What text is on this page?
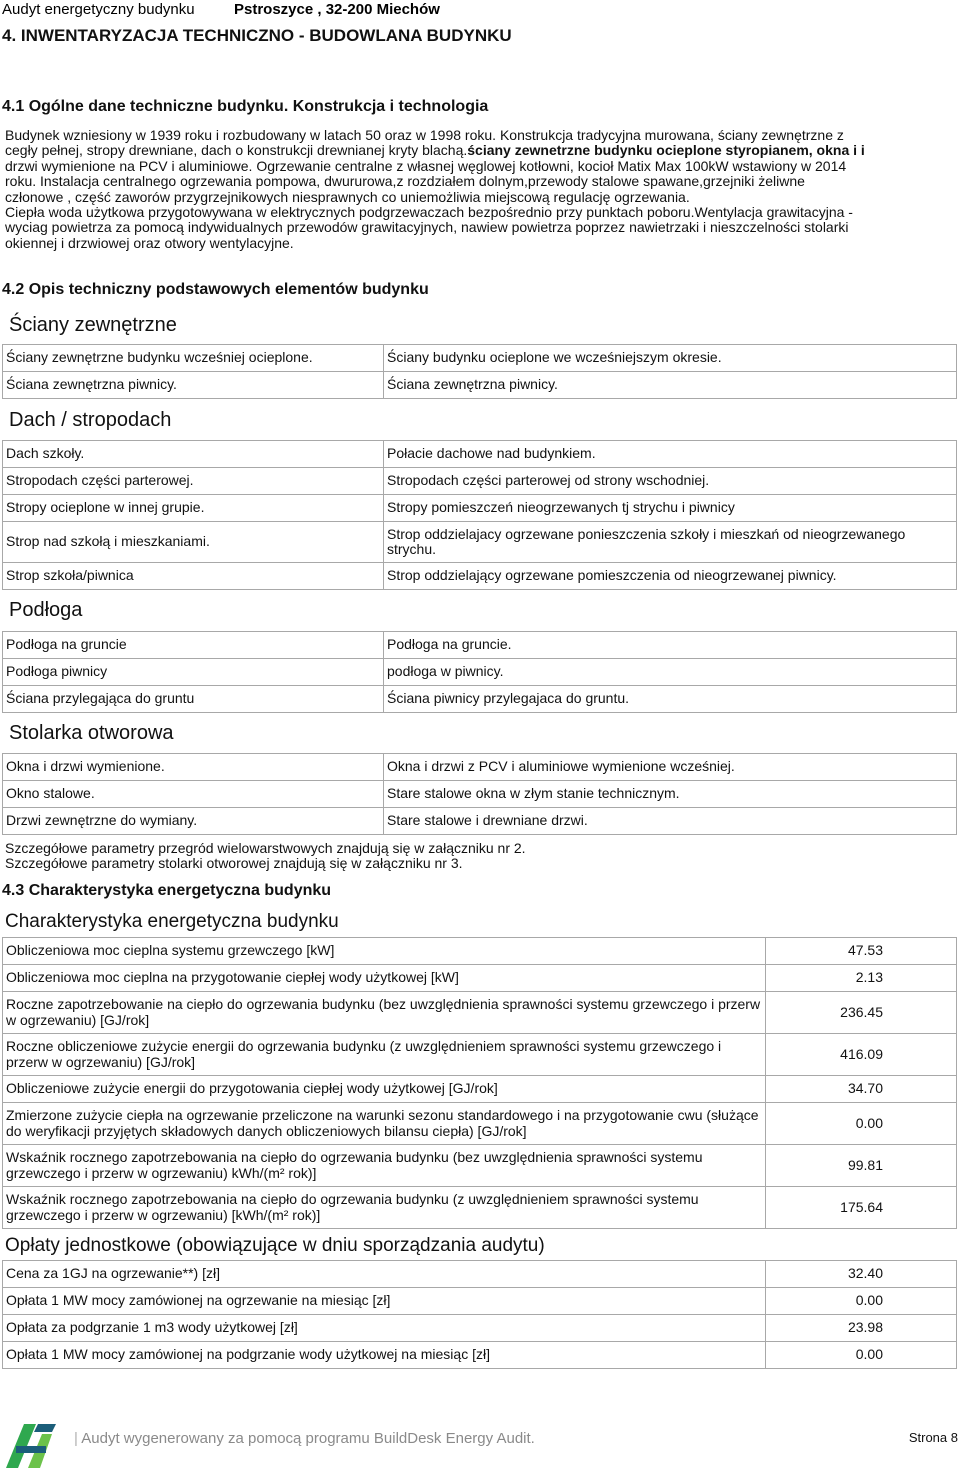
Audyt energetyczny budynku	Pstroszyce , 32-200 Miechów
4. INWENTARYZACJA TECHNICZNO - BUDOWLANA BUDYNKU
4.1 Ogólne dane techniczne budynku. Konstrukcja i technologia
Budynek wzniesiony w 1939 roku i rozbudowany w latach 50 oraz w 1998 roku. Konstrukcja tradycyjna murowana, ściany zewnętrzne z
cegły pełnej, stropy drewniane, dach o konstrukcji drewnianej kryty blachą.ściany zewnetrzne budynku ocieplone styropianem, okna i i
drzwi wymienione na PCV i aluminiowe. Ogrzewanie centralne z własnej węglowej kotłowni, kocioł Matix Max 100kW wstawiony w 2014
roku. Instalacja centralnego ogrzewania pompowa, dwururowa,z rozdziałem dolnym,przewody stalowe spawane,grzejniki żeliwne
członowe , część zaworów przygrzejnikowych niesprawnych co uniemożliwia miejscową regulację ogrzewania.
Ciepła woda użytkowa przygotowywana w elektrycznych podgrzewaczach bezpośrednio przy punktach poboru.Wentylacja grawitacyjna -
wyciag powietrza za pomocą indywidualnych przewodów grawitacyjnych, nawiew powietrza poprzez nawietrzaki i nieszczelności stolarki
okiennej i drzwiowej oraz otwory wentylacyjne.
4.2 Opis techniczny podstawowych elementów budynku
Ściany zewnętrzne
Ściany zewnętrzne budynku wcześniej ocieplone.	Ściany budynku ocieplone we wcześniejszym okresie.
Ściana zewnętrzna piwnicy.	Ściana zewnętrzna piwnicy.
Dach / stropodach
Dach szkoły.	Połacie dachowe nad budynkiem.
Stropodach części parterowej.	Stropodach części parterowej od strony wschodniej.
Stropy ocieplone w innej grupie.	Stropy pomieszczeń nieogrzewanych tj strychu i piwnicy
Strop nad szkołą i mieszkaniami.	Strop oddzielajacy ogrzewane ponieszczenia szkoły i mieszkań od nieogrzewanego strychu.
Strop szkoła/piwnica	Strop oddzielający ogrzewane pomieszczenia od nieogrzewanej piwnicy.
Podłoga
Podłoga na gruncie	Podłoga na gruncie.
Podłoga piwnicy	podłoga w piwnicy.
Ściana przylegająca do gruntu	Ściana piwnicy przylegajaca do gruntu.
Stolarka otworowa
Okna i drzwi wymienione.	Okna i drzwi z PCV i aluminiowe wymienione wcześniej.
Okno stalowe.	Stare stalowe okna w złym stanie technicznym.
Drzwi zewnętrzne do wymiany.	Stare stalowe i drewniane drzwi.
Szczegółowe parametry przegród wielowarstwowych znajdują się w załączniku nr 2.
Szczegółowe parametry stolarki otworowej znajdują się w załączniku nr 3.
4.3 Charakterystyka energetyczna budynku
Charakterystyka energetyczna budynku
Obliczeniowa moc cieplna systemu grzewczego [kW]	47.53
Obliczeniowa moc cieplna na przygotowanie ciepłej wody użytkowej [kW]	2.13
Roczne zapotrzebowanie na ciepło do ogrzewania budynku (bez uwzględnienia sprawności systemu grzewczego i przerw w ogrzewaniu) [GJ/rok]	236.45
Roczne obliczeniowe zużycie energii do ogrzewania budynku (z uwzględnieniem sprawności systemu grzewczego i przerw w ogrzewaniu) [GJ/rok]	416.09
Obliczeniowe zużycie energii do przygotowania ciepłej wody użytkowej [GJ/rok]	34.70
Zmierzone zużycie ciepła na ogrzewanie przeliczone na warunki sezonu standardowego i na przygotowanie cwu (służące do weryfikacji przyjętych składowych danych obliczeniowych bilansu ciepła) [GJ/rok]	0.00
Wskaźnik rocznego zapotrzebowania na ciepło do ogrzewania budynku (bez uwzględnienia sprawności systemu grzewczego i przerw w ogrzewaniu) kWh/(m² rok)]	99.81
Wskaźnik rocznego zapotrzebowania na ciepło do ogrzewania budynku (z uwzględnieniem sprawności systemu grzewczego i przerw w ogrzewaniu) [kWh/(m² rok)]	175.64
Opłaty jednostkowe (obowiązujące w dniu sporządzania audytu)
Cena za 1GJ na ogrzewanie**) [zł]	32.40
Opłata 1 MW mocy zamówionej na ogrzewanie na miesiąc [zł]	0.00
Opłata za podgrzanie 1 m3 wody użytkowej [zł]	23.98
Opłata 1 MW mocy zamówionej na podgrzanie wody użytkowej na miesiąc [zł]	0.00
| Audyt wygenerowany za pomocą programu BuildDesk Energy Audit.	Strona 8
